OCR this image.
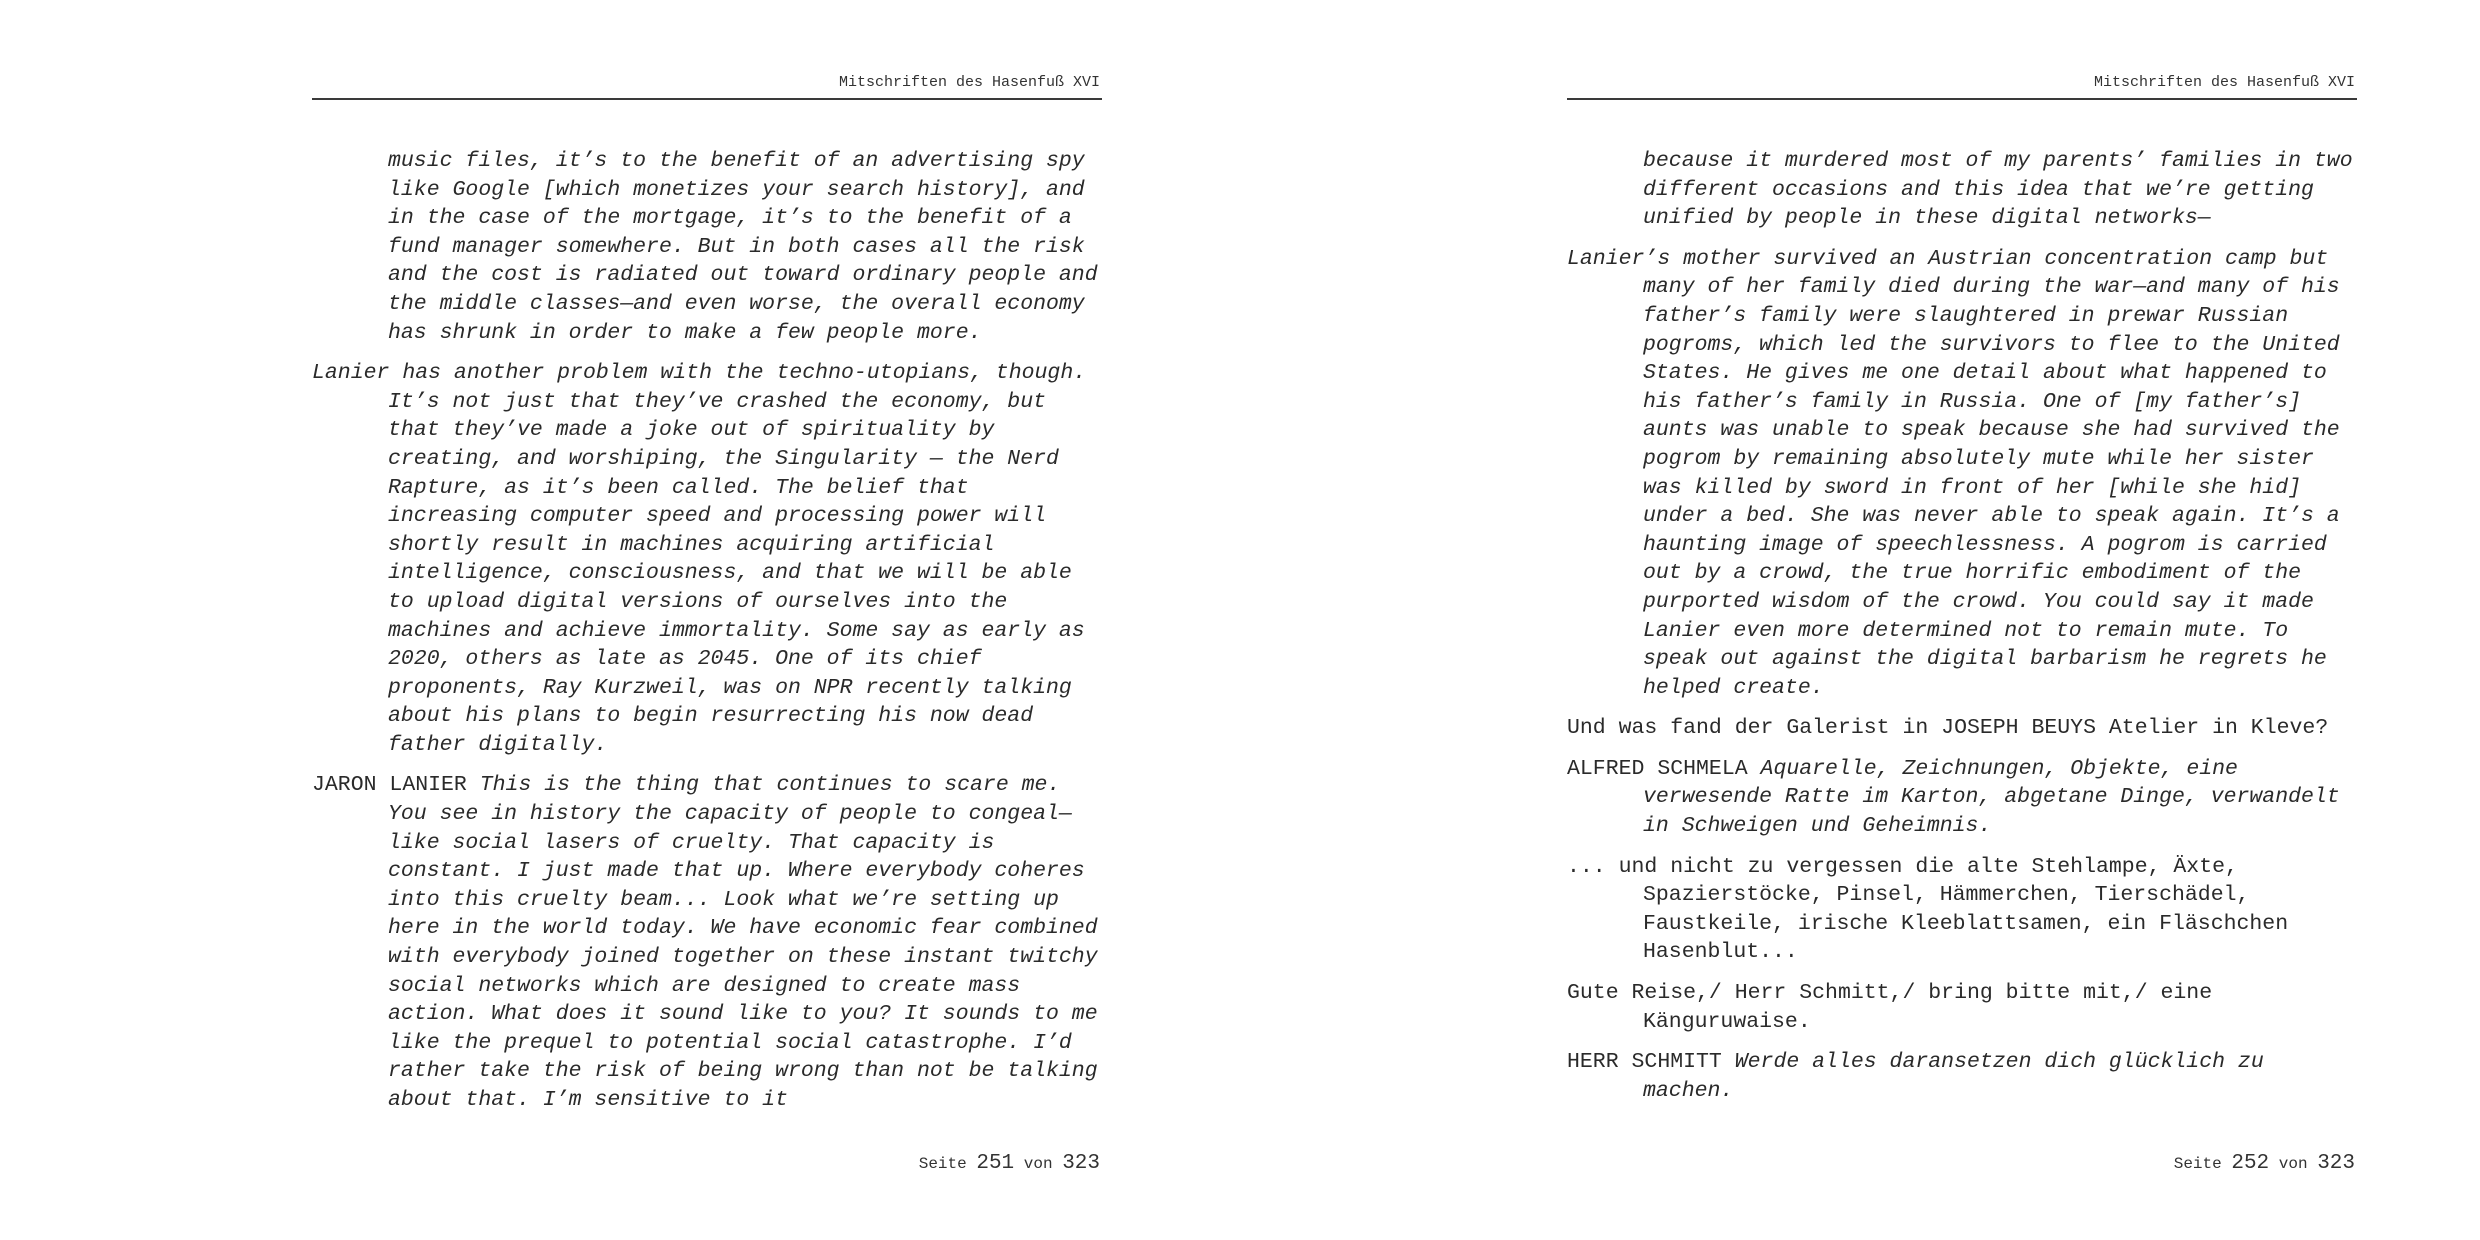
Mitschriften des Hasenfuß XVI

music files, it’s to the benefit of an advertising spy like Google [which monetizes your search history], and in the case of the mortgage, it’s to the benefit of a fund manager somewhere. But in both cases all the risk and the cost is radiated out toward ordinary people and the middle classes—and even worse, the overall economy has shrunk in order to make a few people more.

Lanier has another problem with the techno-utopians, though. It’s not just that they’ve crashed the economy, but that they’ve made a joke out of spirituality by creating, and worshiping, the Singularity — the Nerd Rapture, as it’s been called. The belief that increasing computer speed and processing power will shortly result in machines acquiring artificial intelligence, consciousness, and that we will be able to upload digital versions of ourselves into the machines and achieve immortality. Some say as early as 2020, others as late as 2045. One of its chief proponents, Ray Kurzweil, was on NPR recently talking about his plans to begin resurrecting his now dead father digitally.

JARON LANIER This is the thing that continues to scare me. You see in history the capacity of people to congeal—like social lasers of cruelty. That capacity is constant. I just made that up. Where everybody coheres into this cruelty beam... Look what we’re setting up here in the world today. We have economic fear combined with everybody joined together on these instant twitchy social networks which are designed to create mass action. What does it sound like to you? It sounds to me like the prequel to potential social catastrophe. I’d rather take the risk of being wrong than not be talking about that. I’m sensitive to it

Seite 251 von 323
Mitschriften des Hasenfuß XVI

because it murdered most of my parents’ families in two different occasions and this idea that we’re getting unified by people in these digital networks—

Lanier’s mother survived an Austrian concentration camp but many of her family died during the war—and many of his father’s family were slaughtered in prewar Russian pogroms, which led the survivors to flee to the United States. He gives me one detail about what happened to his father’s family in Russia. One of [my father’s] aunts was unable to speak because she had survived the pogrom by remaining absolutely mute while her sister was killed by sword in front of her [while she hid] under a bed. She was never able to speak again. It’s a haunting image of speechlessness. A pogrom is carried out by a crowd, the true horrific embodiment of the purported wisdom of the crowd. You could say it made Lanier even more determined not to remain mute. To speak out against the digital barbarism he regrets he helped create.

Und was fand der Galerist in JOSEPH BEUYS Atelier in Kleve?

ALFRED SCHMELA Aquarelle, Zeichnungen, Objekte, eine verwesende Ratte im Karton, abgetane Dinge, verwandelt in Schweigen und Geheimnis.

... und nicht zu vergessen die alte Stehlampe, Äxte, Spazierstöcke, Pinsel, Hämmerchen, Tierschädel, Faustkeile, irische Kleeblattsamen, ein Fläschchen Hasenblut...

Gute Reise,/ Herr Schmitt,/ bring bitte mit,/ eine Känguruwaise.

HERR SCHMITT Werde alles daransetzen dich glücklich zu machen.

Seite 252 von 323
